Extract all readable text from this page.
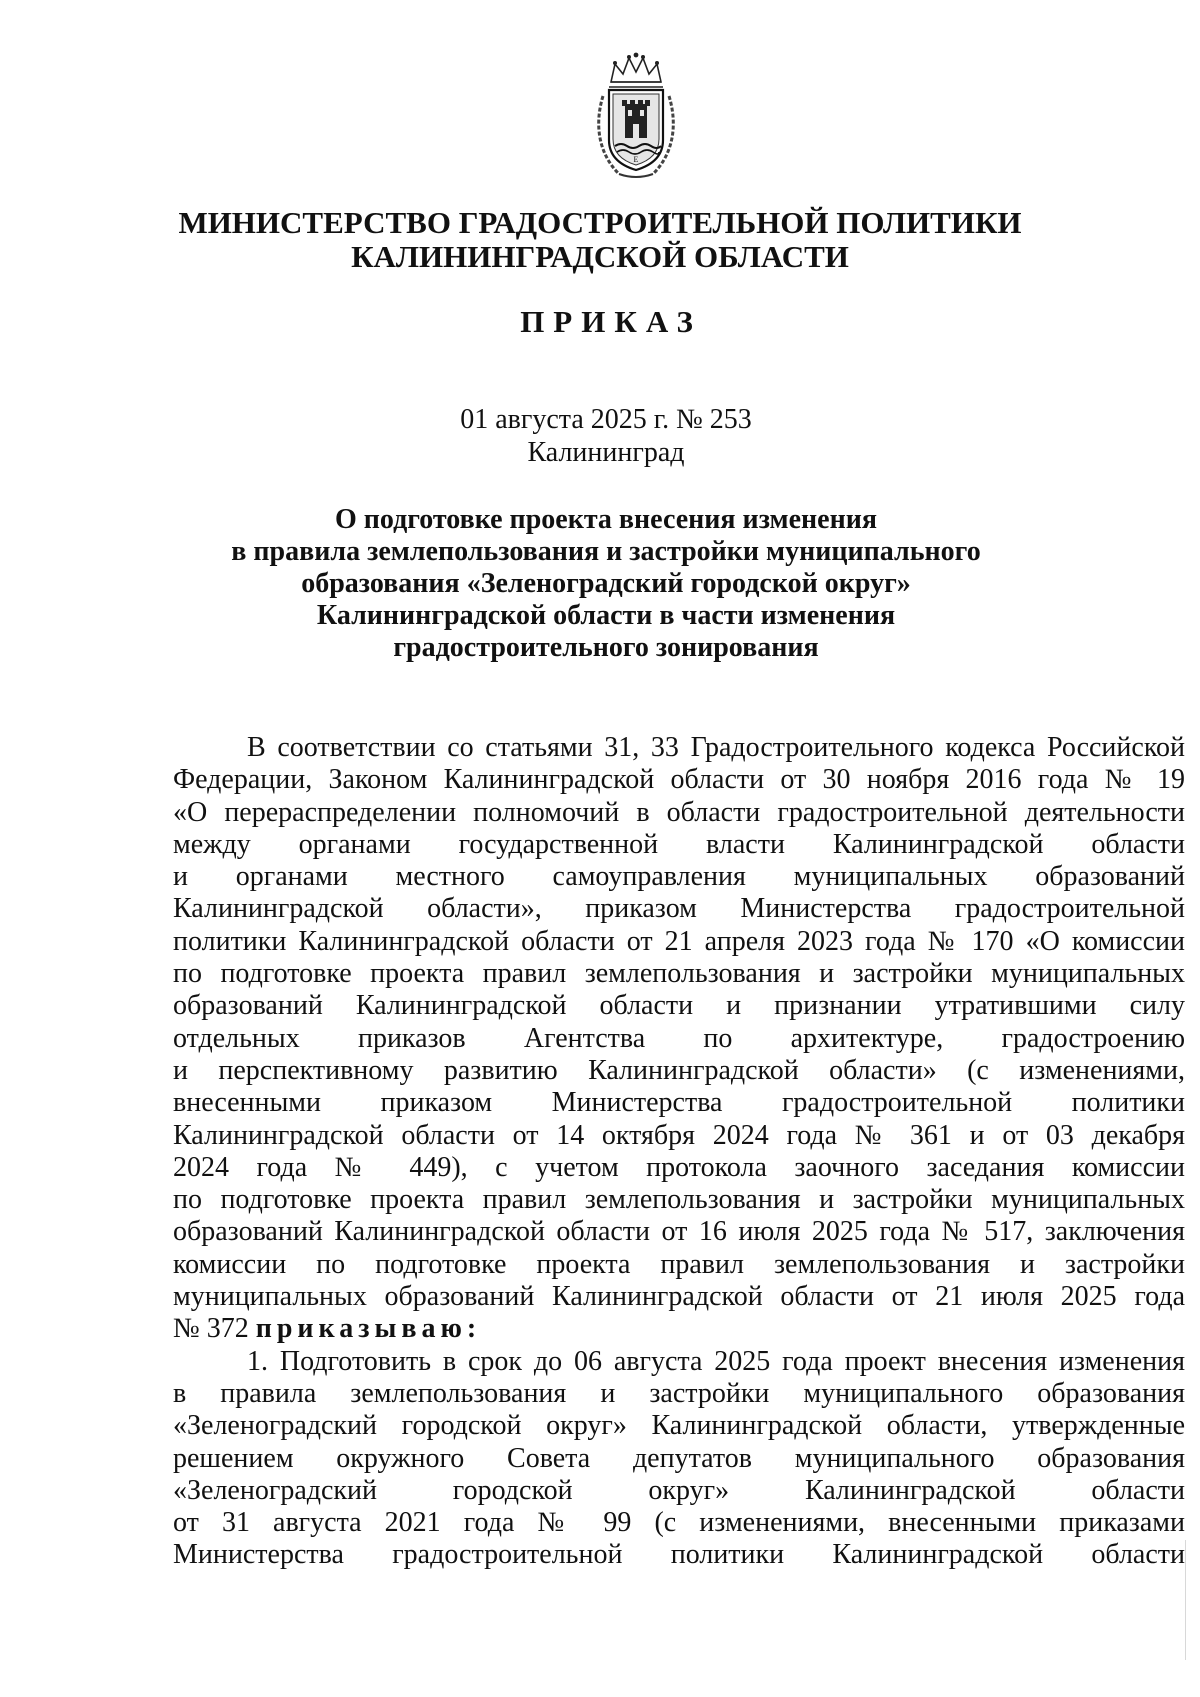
Е
МИНИСТЕРСТВО ГРАДОСТРОИТЕЛЬНОЙ ПОЛИТИКИ
КАЛИНИНГРАДСКОЙ ОБЛАСТИ
ПРИКАЗ
01 августа 2025 г. № 253
Калининград
О подготовке проекта внесения изменения
в правила землепользования и застройки муниципального
образования «Зеленоградский городской округ»
Калининградской области в части изменения
градостроительного зонирования
В соответствии со статьями 31, 33 Градостроительного кодекса Российской
Федерации, Законом Калининградской области от 30 ноября 2016 года № 19
«О перераспределении полномочий в области градостроительной деятельности
между органами государственной власти Калининградской области
и органами местного самоуправления муниципальных образований
Калининградской области», приказом Министерства градостроительной
политики Калининградской области от 21 апреля 2023 года № 170 «О комиссии
по подготовке проекта правил землепользования и застройки муниципальных
образований Калининградской области и признании утратившими силу
отдельных приказов Агентства по архитектуре, градостроению
и перспективному развитию Калининградской области» (с изменениями,
внесенными приказом Министерства градостроительной политики
Калининградской области от 14 октября 2024 года № 361 и от 03 декабря
2024 года № 449), с учетом протокола заочного заседания комиссии
по подготовке проекта правил землепользования и застройки муниципальных
образований Калининградской области от 16 июля 2025 года № 517, заключения
комиссии по подготовке проекта правил землепользования и застройки
муниципальных образований Калининградской области от 21 июля 2025 года
№ 372 приказываю:
1. Подготовить в срок до 06 августа 2025 года проект внесения изменения
в правила землепользования и застройки муниципального образования
«Зеленоградский городской округ» Калининградской области, утвержденные
решением окружного Совета депутатов муниципального образования
«Зеленоградский городской округ» Калининградской области
от 31 августа 2021 года № 99 (с изменениями, внесенными приказами
Министерства градостроительной политики Калининградской области
